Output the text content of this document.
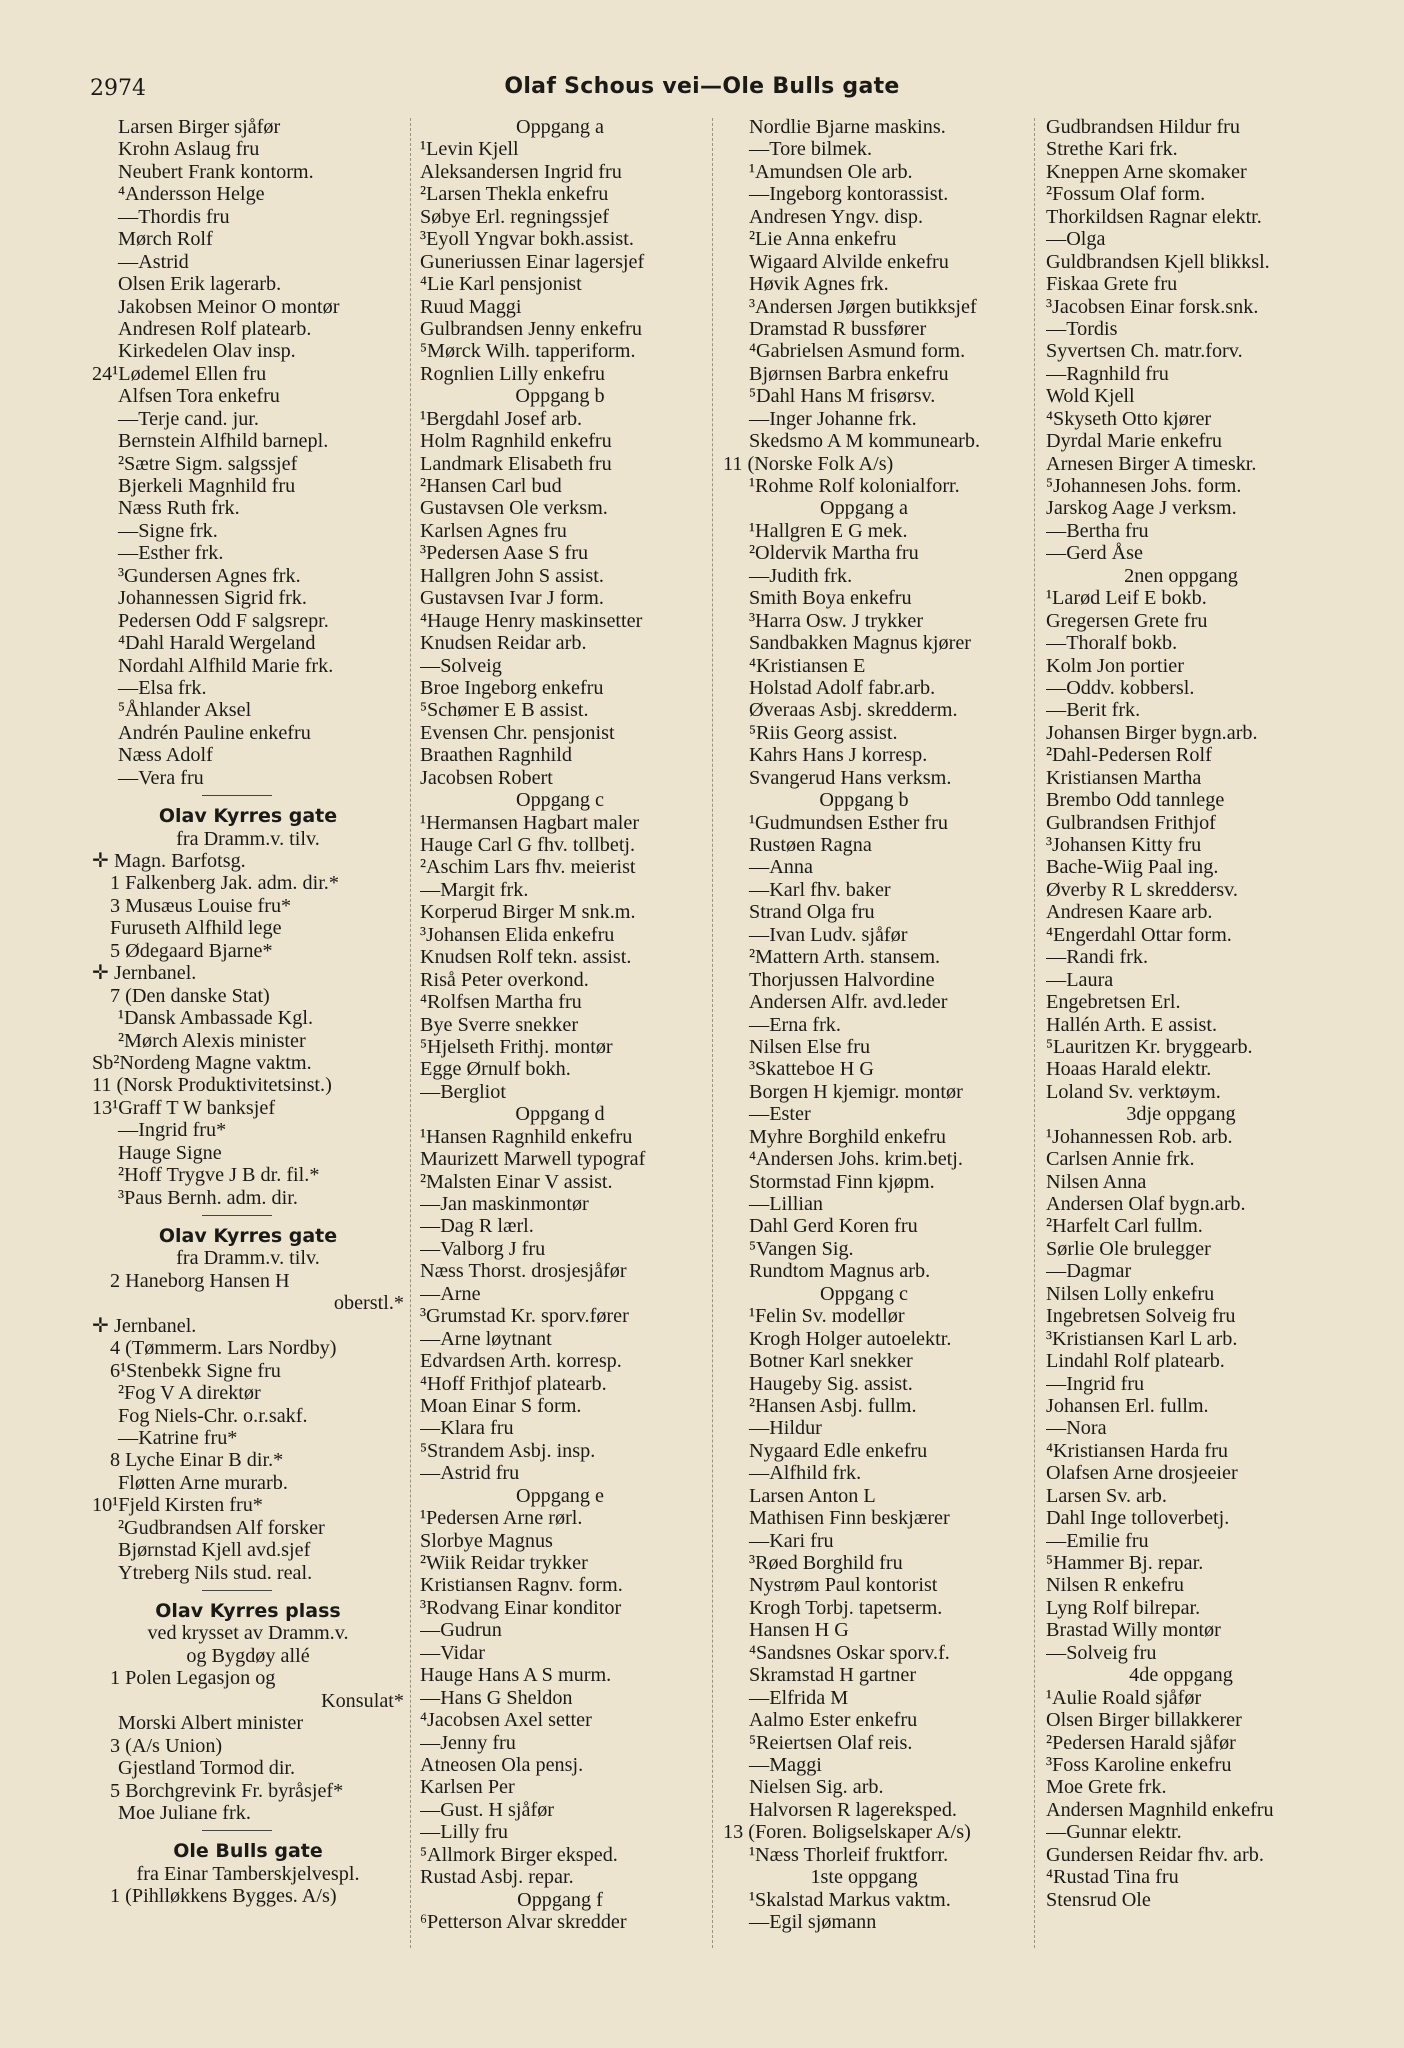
2974	Olaf Schous vei—Ole Bulls gate
Larsen Birger sjåfør
Krohn Aslaug fru
Neubert Frank kontorm.
⁴Andersson Helge
—Thordis fru
Mørch Rolf
—Astrid
Olsen Erik lagerarb.
Jakobsen Meinor O montør
Andresen Rolf platearb.
Kirkedelen Olav insp.
24¹Lødemel Ellen fru
Alfsen Tora enkefru
—Terje cand. jur.
Bernstein Alfhild barnepl.
²Sætre Sigm. salgssjef
Bjerkeli Magnhild fru
Næss Ruth frk.
—Signe frk.
—Esther frk.
³Gundersen Agnes frk.
Johannessen Sigrid frk.
Pedersen Odd F salgsrepr.
⁴Dahl Harald Wergeland
Nordahl Alfhild Marie frk.
—Elsa frk.
⁵Åhlander Aksel
Andrén Pauline enkefru
Næss Adolf
—Vera fru
Olav Kyrres gate
fra Dramm.v. tilv.
✛ Magn. Barfotsg.
1 Falkenberg Jak. adm. dir.*
3 Musæus Louise fru*
Furuseth Alfhild lege
5 Ødegaard Bjarne*
✛ Jernbanel.
7 (Den danske Stat)
¹Dansk Ambassade Kgl.
²Mørch Alexis minister
Sb²Nordeng Magne vaktm.
11 (Norsk Produktivitetsinst.)
13¹Graff T W banksjef
—Ingrid fru*
Hauge Signe
²Hoff Trygve J B dr. fil.*
³Paus Bernh. adm. dir.
Olav Kyrres gate
fra Dramm.v. tilv.
2 Haneborg Hansen H
oberstl.*
✛ Jernbanel.
4 (Tømmerm. Lars Nordby)
6¹Stenbekk Signe fru
²Fog V A direktør
Fog Niels-Chr. o.r.sakf.
—Katrine fru*
8 Lyche Einar B dir.*
Fløtten Arne murarb.
10¹Fjeld Kirsten fru*
²Gudbrandsen Alf forsker
Bjørnstad Kjell avd.sjef
Ytreberg Nils stud. real.
Olav Kyrres plass
ved krysset av Dramm.v.
og Bygdøy allé
1 Polen Legasjon og
Konsulat*
Morski Albert minister
3 (A/s Union)
Gjestland Tormod dir.
5 Borchgrevink Fr. byråsjef*
Moe Juliane frk.
Ole Bulls gate
fra Einar Tamberskjelvespl.
1 (Pihlløkkens Bygges. A/s)
Oppgang a
¹Levin Kjell
Aleksandersen Ingrid fru
²Larsen Thekla enkefru
Søbye Erl. regningssjef
³Eyoll Yngvar bokh.assist.
Guneriussen Einar lagersjef
⁴Lie Karl pensjonist
Ruud Maggi
Gulbrandsen Jenny enkefru
⁵Mørck Wilh. tapperiform.
Rognlien Lilly enkefru
Oppgang b
¹Bergdahl Josef arb.
Holm Ragnhild enkefru
Landmark Elisabeth fru
²Hansen Carl bud
Gustavsen Ole verksm.
Karlsen Agnes fru
³Pedersen Aase S fru
Hallgren John S assist.
Gustavsen Ivar J form.
⁴Hauge Henry maskinsetter
Knudsen Reidar arb.
—Solveig
Broe Ingeborg enkefru
⁵Schømer E B assist.
Evensen Chr. pensjonist
Braathen Ragnhild
Jacobsen Robert
Oppgang c
¹Hermansen Hagbart maler
Hauge Carl G fhv. tollbetj.
²Aschim Lars fhv. meierist
—Margit frk.
Korperud Birger M snk.m.
³Johansen Elida enkefru
Knudsen Rolf tekn. assist.
Riså Peter overkond.
⁴Rolfsen Martha fru
Bye Sverre snekker
⁵Hjelseth Frithj. montør
Egge Ørnulf bokh.
—Bergliot
Oppgang d
¹Hansen Ragnhild enkefru
Maurizett Marwell typograf
²Malsten Einar V assist.
—Jan maskinmontør
—Dag R lærl.
—Valborg J fru
Næss Thorst. drosjesjåfør
—Arne
³Grumstad Kr. sporv.fører
—Arne løytnant
Edvardsen Arth. korresp.
⁴Hoff Frithjof platearb.
Moan Einar S form.
—Klara fru
⁵Strandem Asbj. insp.
—Astrid fru
Oppgang e
¹Pedersen Arne rørl.
Slorbye Magnus
²Wiik Reidar trykker
Kristiansen Ragnv. form.
³Rodvang Einar konditor
—Gudrun
—Vidar
Hauge Hans A S murm.
—Hans G Sheldon
⁴Jacobsen Axel setter
—Jenny fru
Atneosen Ola pensj.
Karlsen Per
—Gust. H sjåfør
—Lilly fru
⁵Allmork Birger eksped.
Rustad Asbj. repar.
Oppgang f
⁶Petterson Alvar skredder
Nordlie Bjarne maskins.
—Tore bilmek.
¹Amundsen Ole arb.
—Ingeborg kontorassist.
Andresen Yngv. disp.
²Lie Anna enkefru
Wigaard Alvilde enkefru
Høvik Agnes frk.
³Andersen Jørgen butikksjef
Dramstad R bussfører
⁴Gabrielsen Asmund form.
Bjørnsen Barbra enkefru
⁵Dahl Hans M frisørsv.
—Inger Johanne frk.
Skedsmo A M kommunearb.
11 (Norske Folk A/s)
¹Rohme Rolf kolonialforr.
Oppgang a
¹Hallgren E G mek.
²Oldervik Martha fru
—Judith frk.
Smith Boya enkefru
³Harra Osw. J trykker
Sandbakken Magnus kjører
⁴Kristiansen E
Holstad Adolf fabr.arb.
Øveraas Asbj. skredderm.
⁵Riis Georg assist.
Kahrs Hans J korresp.
Svangerud Hans verksm.
Oppgang b
¹Gudmundsen Esther fru
Rustøen Ragna
—Anna
—Karl fhv. baker
Strand Olga fru
—Ivan Ludv. sjåfør
²Mattern Arth. stansem.
Thorjussen Halvordine
Andersen Alfr. avd.leder
—Erna frk.
Nilsen Else fru
³Skatteboe H G
Borgen H kjemigr. montør
—Ester
Myhre Borghild enkefru
⁴Andersen Johs. krim.betj.
Stormstad Finn kjøpm.
—Lillian
Dahl Gerd Koren fru
⁵Vangen Sig.
Rundtom Magnus arb.
Oppgang c
¹Felin Sv. modellør
Krogh Holger autoelektr.
Botner Karl snekker
Haugeby Sig. assist.
²Hansen Asbj. fullm.
—Hildur
Nygaard Edle enkefru
—Alfhild frk.
Larsen Anton L
Mathisen Finn beskjærer
—Kari fru
³Røed Borghild fru
Nystrøm Paul kontorist
Krogh Torbj. tapetserm.
Hansen H G
⁴Sandsnes Oskar sporv.f.
Skramstad H gartner
—Elfrida M
Aalmo Ester enkefru
⁵Reiertsen Olaf reis.
—Maggi
Nielsen Sig. arb.
Halvorsen R lagereksped.
13 (Foren. Boligselskaper A/s)
¹Næss Thorleif fruktforr.
1ste oppgang
¹Skalstad Markus vaktm.
—Egil sjømann
Gudbrandsen Hildur fru
Strethe Kari frk.
Kneppen Arne skomaker
²Fossum Olaf form.
Thorkildsen Ragnar elektr.
—Olga
Guldbrandsen Kjell blikksl.
Fiskaa Grete fru
³Jacobsen Einar forsk.snk.
—Tordis
Syvertsen Ch. matr.forv.
—Ragnhild fru
Wold Kjell
⁴Skyseth Otto kjører
Dyrdal Marie enkefru
Arnesen Birger A timeskr.
⁵Johannesen Johs. form.
Jarskog Aage J verksm.
—Bertha fru
—Gerd Åse
2nen oppgang
¹Larød Leif E bokb.
Gregersen Grete fru
—Thoralf bokb.
Kolm Jon portier
—Oddv. kobbersl.
—Berit frk.
Johansen Birger bygn.arb.
²Dahl-Pedersen Rolf
Kristiansen Martha
Brembo Odd tannlege
Gulbrandsen Frithjof
³Johansen Kitty fru
Bache-Wiig Paal ing.
Øverby R L skreddersv.
Andresen Kaare arb.
⁴Engerdahl Ottar form.
—Randi frk.
—Laura
Engebretsen Erl.
Hallén Arth. E assist.
⁵Lauritzen Kr. bryggearb.
Hoaas Harald elektr.
Loland Sv. verktøym.
3dje oppgang
¹Johannessen Rob. arb.
Carlsen Annie frk.
Nilsen Anna
Andersen Olaf bygn.arb.
²Harfelt Carl fullm.
Sørlie Ole brulegger
—Dagmar
Nilsen Lolly enkefru
Ingebretsen Solveig fru
³Kristiansen Karl L arb.
Lindahl Rolf platearb.
—Ingrid fru
Johansen Erl. fullm.
—Nora
⁴Kristiansen Harda fru
Olafsen Arne drosjeeier
Larsen Sv. arb.
Dahl Inge tolloverbetj.
—Emilie fru
⁵Hammer Bj. repar.
Nilsen R enkefru
Lyng Rolf bilrepar.
Brastad Willy montør
—Solveig fru
4de oppgang
¹Aulie Roald sjåfør
Olsen Birger billakkerer
²Pedersen Harald sjåfør
³Foss Karoline enkefru
Moe Grete frk.
Andersen Magnhild enkefru
—Gunnar elektr.
Gundersen Reidar fhv. arb.
⁴Rustad Tina fru
Stensrud Ole
